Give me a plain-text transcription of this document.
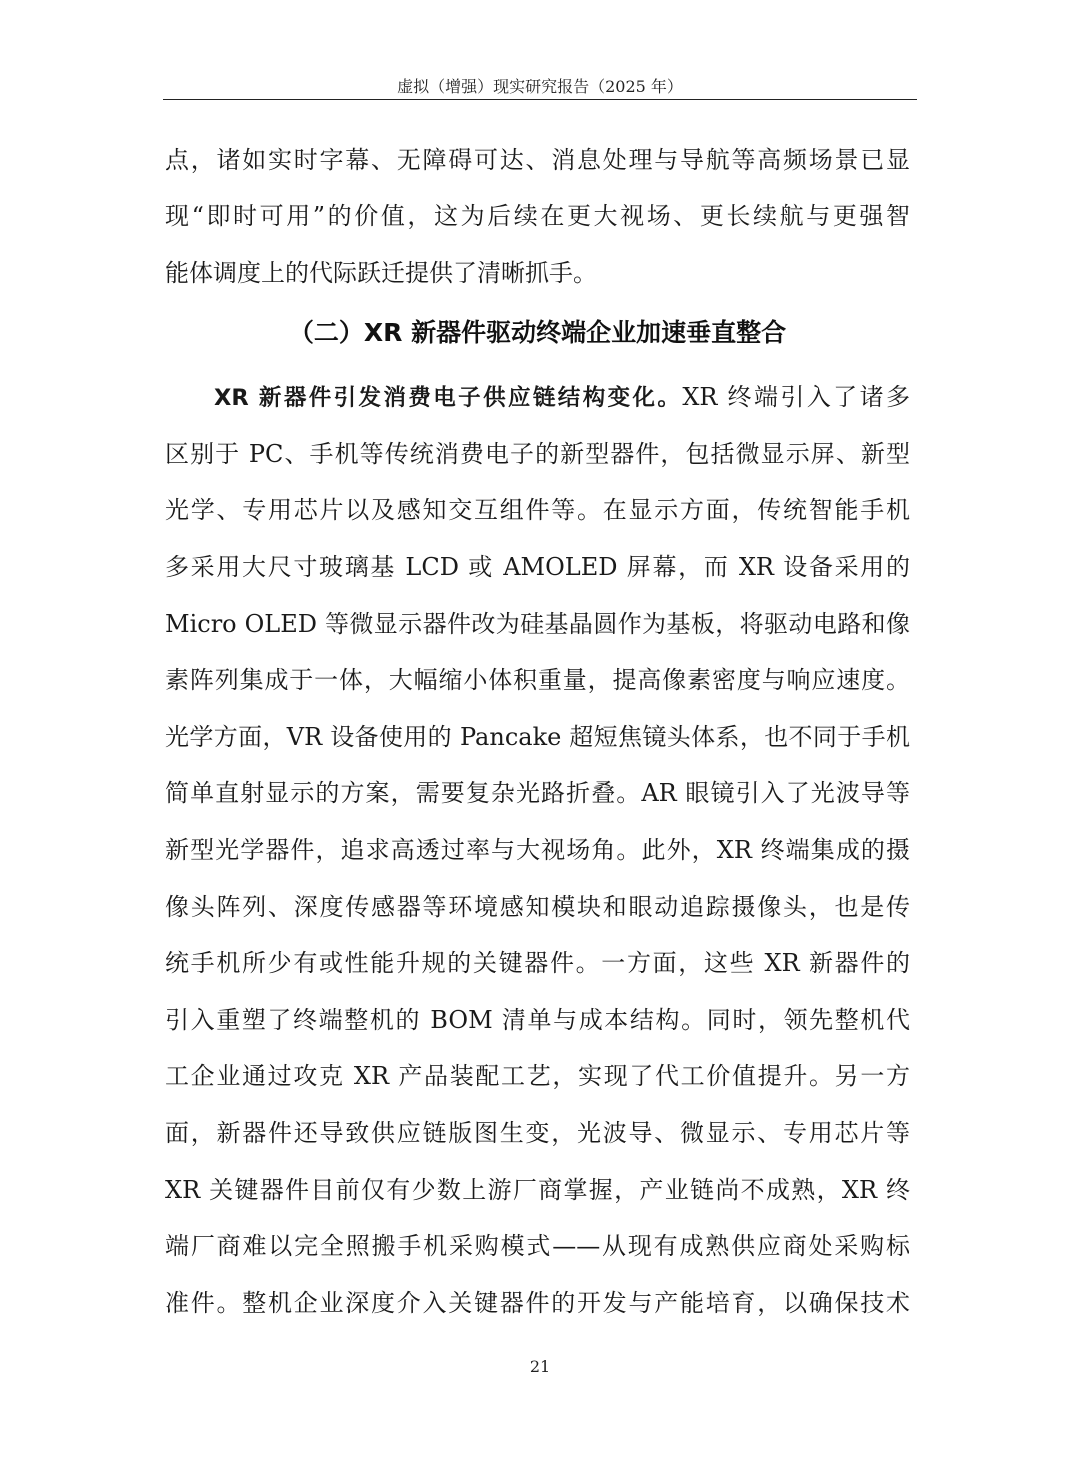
虚拟（增强）现实研究报告（2025 年）
点，诸如实时字幕、无障碍可达、消息处理与导航等高频场景已显
现“即时可用”的价值，这为后续在更大视场、更长续航与更强智
能体调度上的代际跃迁提供了清晰抓手。
（二）XR 新器件驱动终端企业加速垂直整合
XR 新器件引发消费电子供应链结构变化。XR 终端引入了诸多
区别于 PC、手机等传统消费电子的新型器件，包括微显示屏、新型
光学、专用芯片以及感知交互组件等。在显示方面，传统智能手机
多采用大尺寸玻璃基 LCD 或 AMOLED 屏幕，而 XR 设备采用的
Micro OLED 等微显示器件改为硅基晶圆作为基板，将驱动电路和像
素阵列集成于一体，大幅缩小体积重量，提高像素密度与响应速度。
光学方面，VR 设备使用的 Pancake 超短焦镜头体系，也不同于手机
简单直射显示的方案，需要复杂光路折叠。AR 眼镜引入了光波导等
新型光学器件，追求高透过率与大视场角。此外，XR 终端集成的摄
像头阵列、深度传感器等环境感知模块和眼动追踪摄像头，也是传
统手机所少有或性能升规的关键器件。一方面，这些 XR 新器件的
引入重塑了终端整机的 BOM 清单与成本结构。同时，领先整机代
工企业通过攻克 XR 产品装配工艺，实现了代工价值提升。另一方
面，新器件还导致供应链版图生变，光波导、微显示、专用芯片等
XR 关键器件目前仅有少数上游厂商掌握，产业链尚不成熟，XR 终
端厂商难以完全照搬手机采购模式——从现有成熟供应商处采购标
准件。整机企业深度介入关键器件的开发与产能培育，以确保技术
21
